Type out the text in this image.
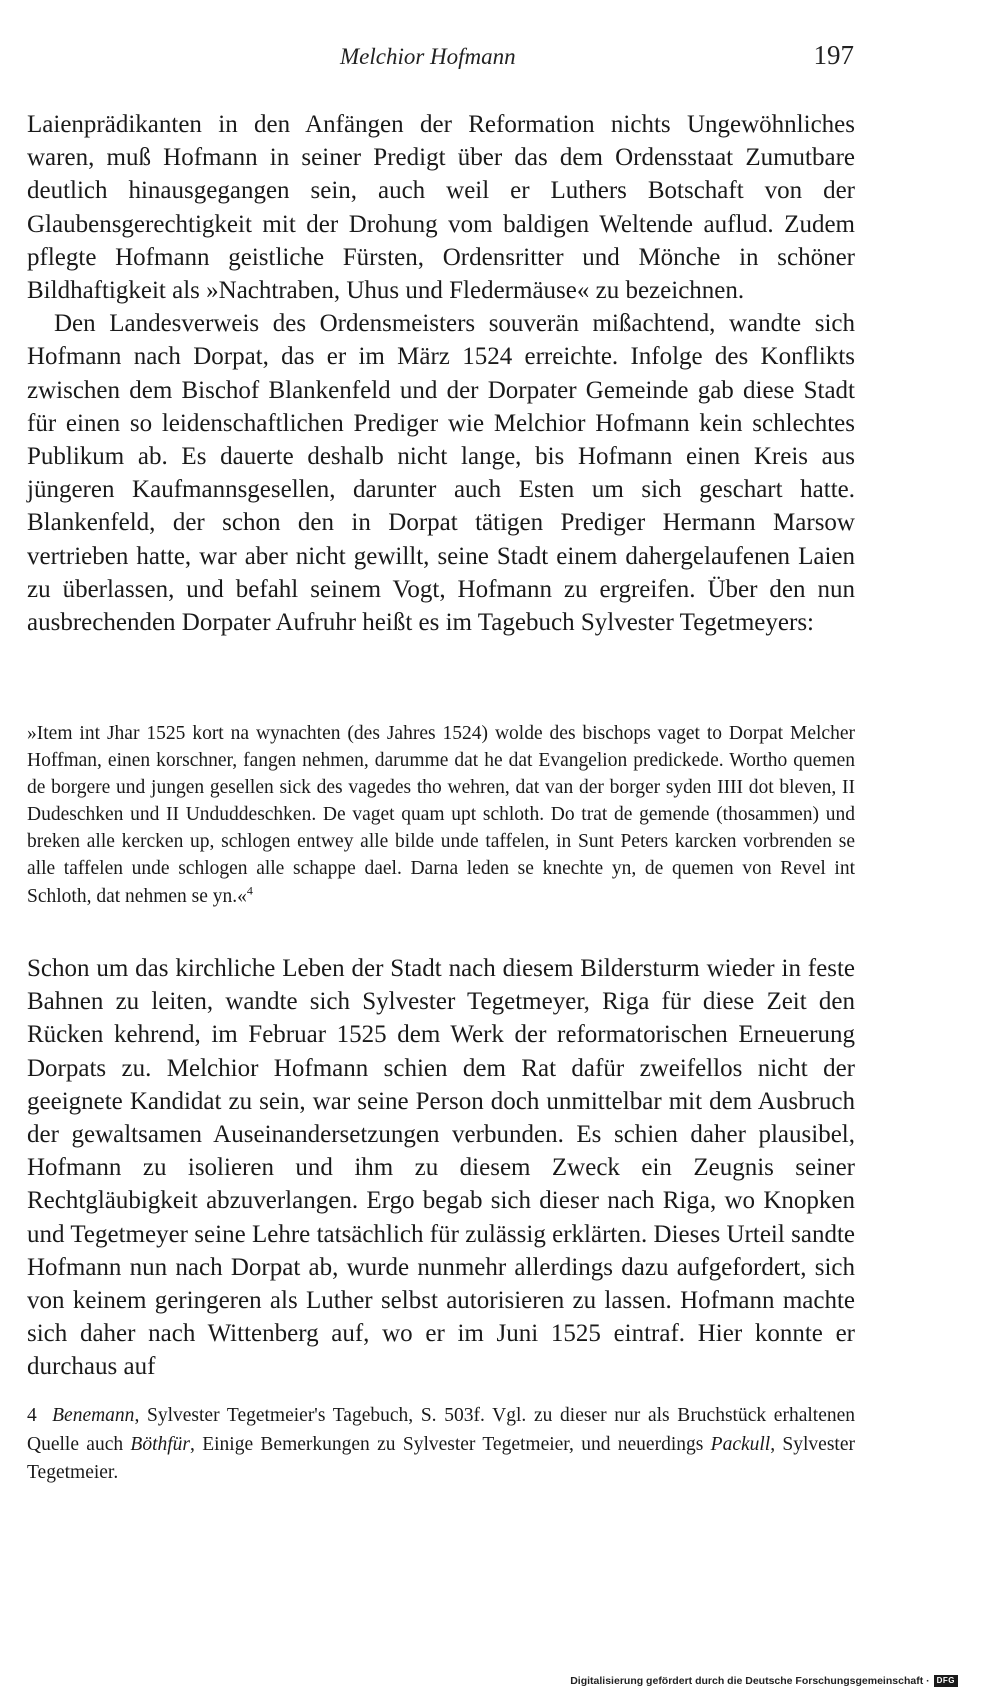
Melchior Hofmann	197

Laienprädikanten in den Anfängen der Reformation nichts Ungewöhnliches waren, muß Hofmann in seiner Predigt über das dem Ordensstaat Zumutbare deutlich hinausgegangen sein, auch weil er Luthers Botschaft von der Glaubensgerechtigkeit mit der Drohung vom baldigen Weltende auflud. Zudem pflegte Hofmann geistliche Fürsten, Ordensritter und Mönche in schöner Bildhaftigkeit als »Nachtraben, Uhus und Fledermäuse« zu bezeichnen.

Den Landesverweis des Ordensmeisters souverän mißachtend, wandte sich Hofmann nach Dorpat, das er im März 1524 erreichte. Infolge des Konflikts zwischen dem Bischof Blankenfeld und der Dorpater Gemeinde gab diese Stadt für einen so leidenschaftlichen Prediger wie Melchior Hofmann kein schlechtes Publikum ab. Es dauerte deshalb nicht lange, bis Hofmann einen Kreis aus jüngeren Kaufmannsgesellen, darunter auch Esten um sich geschart hatte. Blankenfeld, der schon den in Dorpat tätigen Prediger Hermann Marsow vertrieben hatte, war aber nicht gewillt, seine Stadt einem dahergelaufenen Laien zu überlassen, und befahl seinem Vogt, Hofmann zu ergreifen. Über den nun ausbrechenden Dorpater Aufruhr heißt es im Tagebuch Sylvester Tegetmeyers:

»Item int Jhar 1525 kort na wynachten (des Jahres 1524) wolde des bischops vaget to Dorpat Melcher Hoffman, einen korschner, fangen nehmen, darumme dat he dat Evangelion predickede. Wortho quemen de borgere und jungen gesellen sick des vagedes tho wehren, dat van der borger syden IIII dot bleven, II Dudeschken und II Unduddeschken. De vaget quam upt schloth. Do trat de gemende (thosammen) und breken alle kercken up, schlogen entwey alle bilde unde taffelen, in Sunt Peters karcken vorbrenden se alle taffelen unde schlogen alle schappe dael. Darna leden se knechte yn, de quemen von Revel int Schloth, dat nehmen se yn.«$^4$

Schon um das kirchliche Leben der Stadt nach diesem Bildersturm wieder in feste Bahnen zu leiten, wandte sich Sylvester Tegetmeyer, Riga für diese Zeit den Rücken kehrend, im Februar 1525 dem Werk der reformatorischen Erneuerung Dorpats zu. Melchior Hofmann schien dem Rat dafür zweifellos nicht der geeignete Kandidat zu sein, war seine Person doch unmittelbar mit dem Ausbruch der gewaltsamen Auseinandersetzungen verbunden. Es schien daher plausibel, Hofmann zu isolieren und ihm zu diesem Zweck ein Zeugnis seiner Rechtgläubigkeit abzuverlangen. Ergo begab sich dieser nach Riga, wo Knopken und Tegetmeyer seine Lehre tatsächlich für zulässig erklärten. Dieses Urteil sandte Hofmann nun nach Dorpat ab, wurde nunmehr allerdings dazu aufgefordert, sich von keinem geringeren als Luther selbst autorisieren zu lassen. Hofmann machte sich daher nach Wittenberg auf, wo er im Juni 1525 eintraf. Hier konnte er durchaus auf

4 Benemann, Sylvester Tegetmeier's Tagebuch, S. 503f. Vgl. zu dieser nur als Bruchstück erhaltenen Quelle auch Böthfür, Einige Bemerkungen zu Sylvester Tegetmeier, und neuerdings Packull, Sylvester Tegetmeier.

Digitalisierung gefördert durch die Deutsche Forschungsgemeinschaft · DFG
